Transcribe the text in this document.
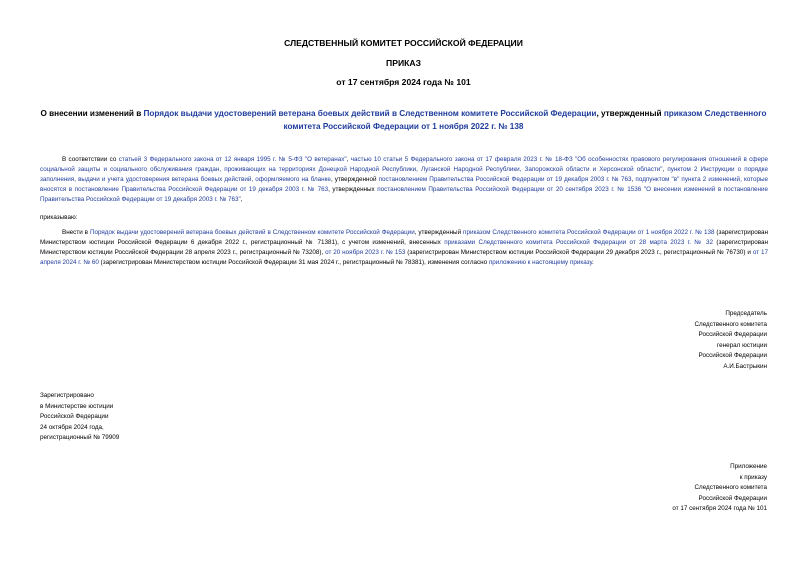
СЛЕДСТВЕННЫЙ КОМИТЕТ РОССИЙСКОЙ ФЕДЕРАЦИИ
ПРИКАЗ
от 17 сентября 2024 года № 101
О внесении изменений в Порядок выдачи удостоверений ветерана боевых действий в Следственном комитете Российской Федерации, утвержденный приказом Следственного комитета Российской Федерации от 1 ноября 2022 г. № 138
В соответствии со статьей 3 Федерального закона от 12 января 1995 г. № 5-ФЗ "О ветеранах", частью 10 статьи 5 Федерального закона от 17 февраля 2023 г. № 18-ФЗ "Об особенностях правового регулирования отношений в сфере социальной защиты и социального обслуживания граждан, проживающих на территориях Донецкой Народной Республики, Луганской Народной Республики, Запорожской области и Херсонской области", пунктом 2 Инструкции о порядке заполнения, выдачи и учета удостоверения ветерана боевых действий, оформляемого на бланке, утвержденной постановлением Правительства Российской Федерации от 19 декабря 2003 г. № 763, подпунктом "в" пункта 2 изменений, которые вносятся в постановление Правительства Российской Федерации от 19 декабря 2003 г. № 763, утвержденных постановлением Правительства Российской Федерации от 20 сентября 2023 г. № 1536 "О внесении изменений в постановление Правительства Российской Федерации от 19 декабря 2003 г. № 763",
приказываю:
Внести в Порядок выдачи удостоверений ветерана боевых действий в Следственном комитете Российской Федерации, утвержденный приказом Следственного комитета Российской Федерации от 1 ноября 2022 г. № 138 (зарегистрирован Министерством юстиции Российской Федерации 6 декабря 2022 г., регистрационный № 71381), с учетом изменений, внесенных приказами Следственного комитета Российской Федерации от 28 марта 2023 г. № 32 (зарегистрирован Министерством юстиции Российской Федерации 28 апреля 2023 г., регистрационный № 73208), от 20 ноября 2023 г. № 153 (зарегистрирован Министерством юстиции Российской Федерации 29 декабря 2023 г., регистрационный № 76730) и от 17 апреля 2024 г. № 60 (зарегистрирован Министерством юстиции Российской Федерации 31 мая 2024 г., регистрационный № 78381), изменения согласно приложению к настоящему приказу.
Председатель
Следственного комитета
Российской Федерации
генерал юстиции
Российской Федерации
А.И.Бастрыкин
Зарегистрировано
в Министерстве юстиции
Российской Федерации
24 октября 2024 года,
регистрационный № 79909
Приложение
к приказу
Следственного комитета
Российской Федерации
от 17 сентября 2024 года № 101
